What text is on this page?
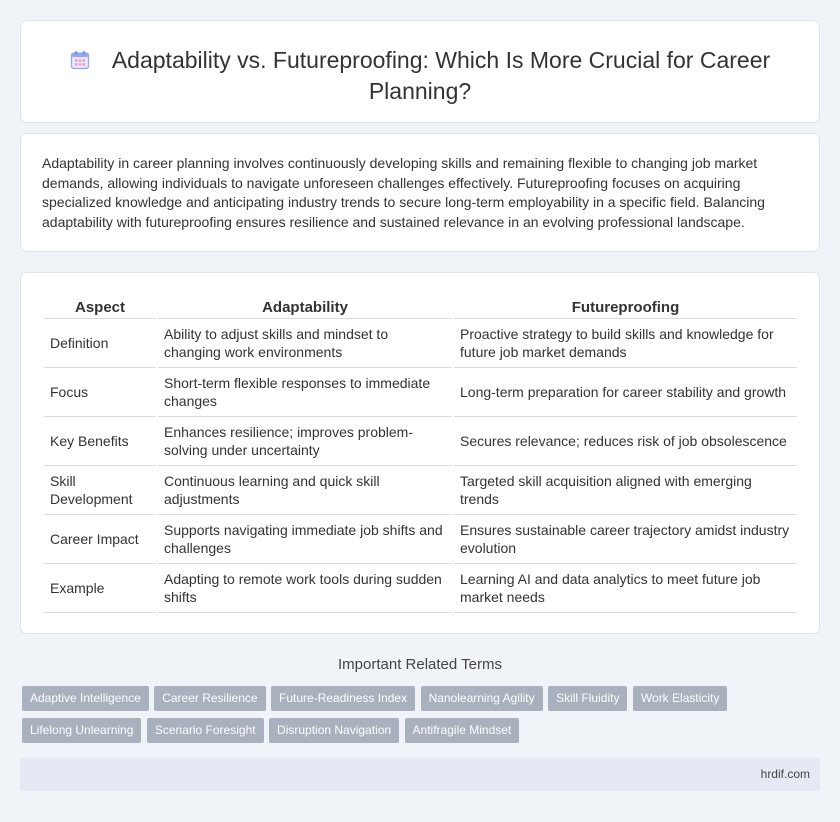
Adaptability vs. Futureproofing: Which Is More Crucial for Career Planning?

Adaptability in career planning involves continuously developing skills and remaining flexible to changing job market demands, allowing individuals to navigate unforeseen challenges effectively. Futureproofing focuses on acquiring specialized knowledge and anticipating industry trends to secure long-term employability in a specific field. Balancing adaptability with futureproofing ensures resilience and sustained relevance in an evolving professional landscape.

Aspect	Adaptability	Futureproofing
Definition	Ability to adjust skills and mindset to changing work environments	Proactive strategy to build skills and knowledge for future job market demands
Focus	Short-term flexible responses to immediate changes	Long-term preparation for career stability and growth
Key Benefits	Enhances resilience; improves problem-solving under uncertainty	Secures relevance; reduces risk of job obsolescence
Skill Development	Continuous learning and quick skill adjustments	Targeted skill acquisition aligned with emerging trends
Career Impact	Supports navigating immediate job shifts and challenges	Ensures sustainable career trajectory amidst industry evolution
Example	Adapting to remote work tools during sudden shifts	Learning AI and data analytics to meet future job market needs
Important Related Terms
Adaptive Intelligence Career Resilience Future-Readiness Index Nanolearning Agility Skill Fluidity Work Elasticity
Lifelong Unlearning Scenario Foresight Disruption Navigation Antifragile Mindset
hrdif.com
